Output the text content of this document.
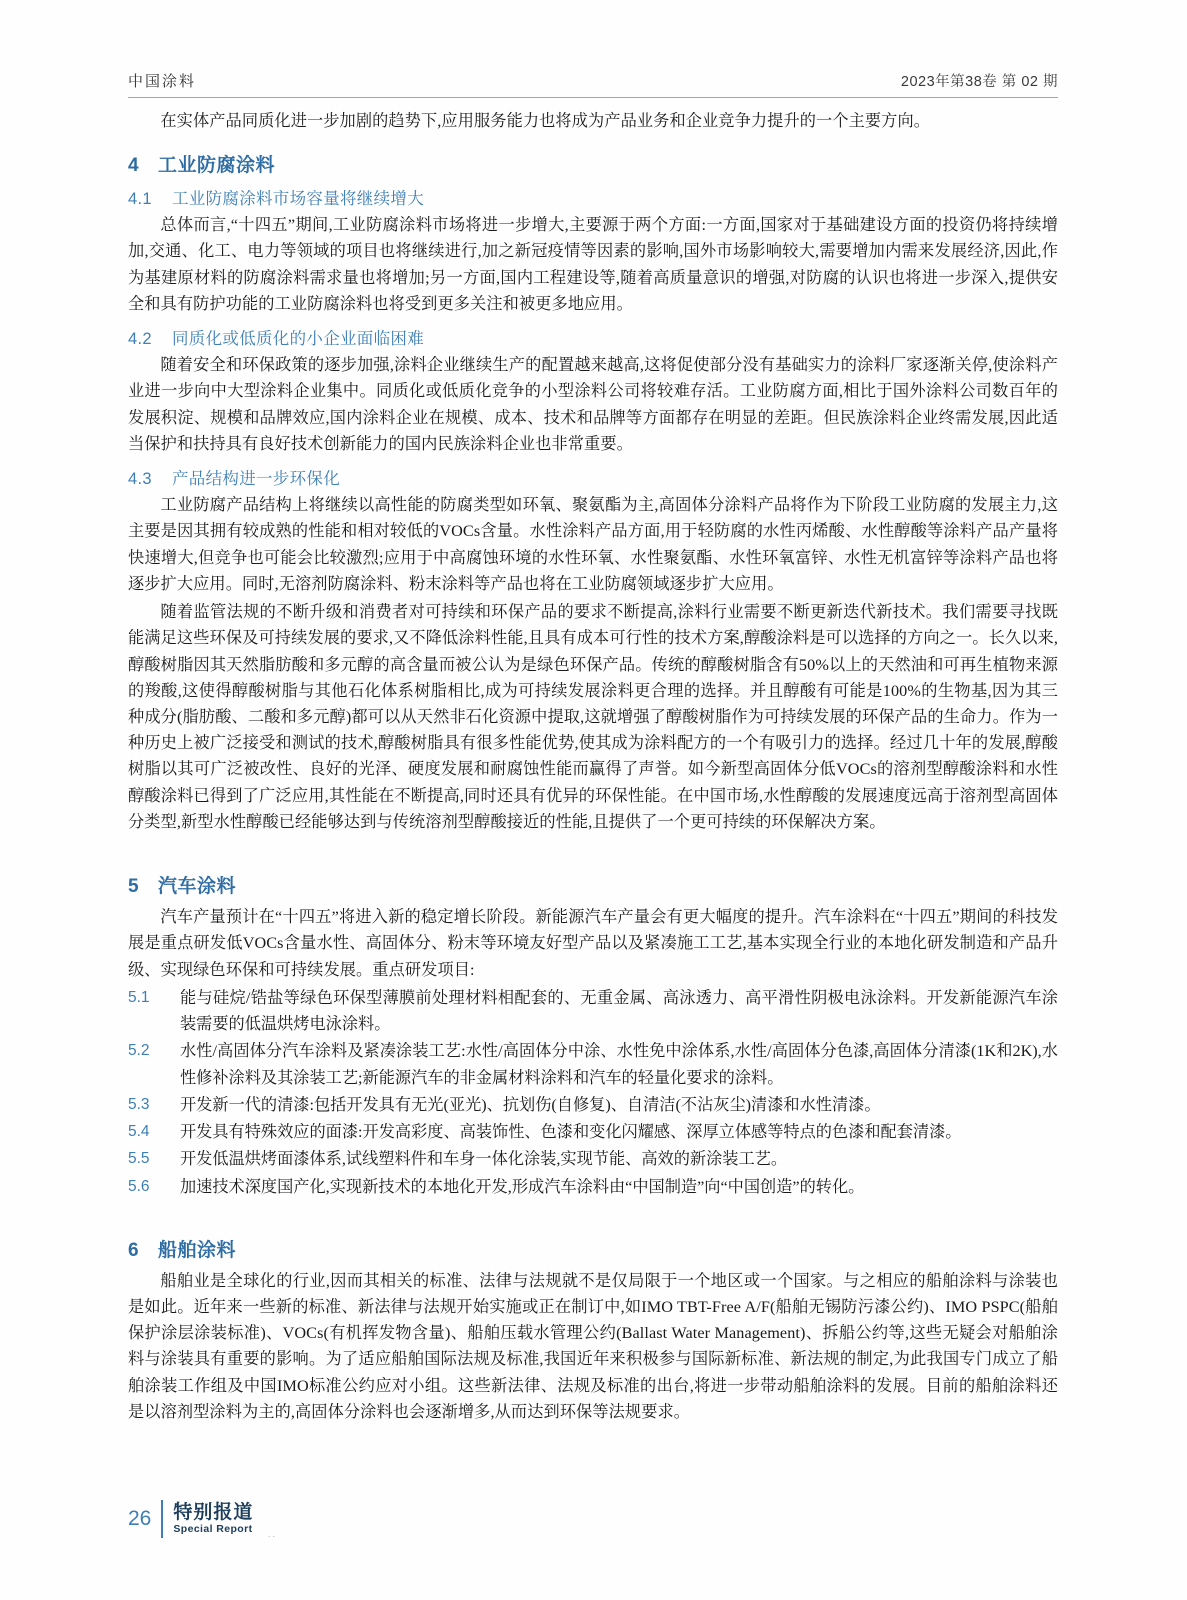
中国涂料	2023年第38卷 第 02 期

在实体产品同质化进一步加剧的趋势下,应用服务能力也将成为产品业务和企业竞争力提升的一个主要方向。

4 工业防腐涂料
4.1 工业防腐涂料市场容量将继续增大

总体而言,“十四五”期间,工业防腐涂料市场将进一步增大,主要源于两个方面:一方面,国家对于基础建设方面的投资仍将持续增加,交通、化工、电力等领域的项目也将继续进行,加之新冠疫情等因素的影响,国外市场影响较大,需要增加内需来发展经济,因此,作为基建原材料的防腐涂料需求量也将增加;另一方面,国内工程建设等,随着高质量意识的增强,对防腐的认识也将进一步深入,提供安全和具有防护功能的工业防腐涂料也将受到更多关注和被更多地应用。

4.2 同质化或低质化的小企业面临困难

随着安全和环保政策的逐步加强,涂料企业继续生产的配置越来越高,这将促使部分没有基础实力的涂料厂家逐渐关停,使涂料产业进一步向中大型涂料企业集中。同质化或低质化竞争的小型涂料公司将较难存活。工业防腐方面,相比于国外涂料公司数百年的发展积淀、规模和品牌效应,国内涂料企业在规模、成本、技术和品牌等方面都存在明显的差距。但民族涂料企业终需发展,因此适当保护和扶持具有良好技术创新能力的国内民族涂料企业也非常重要。

4.3 产品结构进一步环保化

工业防腐产品结构上将继续以高性能的防腐类型如环氧、聚氨酯为主,高固体分涂料产品将作为下阶段工业防腐的发展主力,这主要是因其拥有较成熟的性能和相对较低的VOCs含量。水性涂料产品方面,用于轻防腐的水性丙烯酸、水性醇酸等涂料产品产量将快速增大,但竞争也可能会比较激烈;应用于中高腐蚀环境的水性环氧、水性聚氨酯、水性环氧富锌、水性无机富锌等涂料产品也将逐步扩大应用。同时,无溶剂防腐涂料、粉末涂料等产品也将在工业防腐领域逐步扩大应用。

随着监管法规的不断升级和消费者对可持续和环保产品的要求不断提高,涂料行业需要不断更新迭代新技术。我们需要寻找既能满足这些环保及可持续发展的要求,又不降低涂料性能,且具有成本可行性的技术方案,醇酸涂料是可以选择的方向之一。长久以来,醇酸树脂因其天然脂肪酸和多元醇的高含量而被公认为是绿色环保产品。传统的醇酸树脂含有50%以上的天然油和可再生植物来源的羧酸,这使得醇酸树脂与其他石化体系树脂相比,成为可持续发展涂料更合理的选择。并且醇酸有可能是100%的生物基,因为其三种成分(脂肪酸、二酸和多元醇)都可以从天然非石化资源中提取,这就增强了醇酸树脂作为可持续发展的环保产品的生命力。作为一种历史上被广泛接受和测试的技术,醇酸树脂具有很多性能优势,使其成为涂料配方的一个有吸引力的选择。经过几十年的发展,醇酸树脂以其可广泛被改性、良好的光泽、硬度发展和耐腐蚀性能而赢得了声誉。如今新型高固体分低VOCs的溶剂型醇酸涂料和水性醇酸涂料已得到了广泛应用,其性能在不断提高,同时还具有优异的环保性能。在中国市场,水性醇酸的发展速度远高于溶剂型高固体分类型,新型水性醇酸已经能够达到与传统溶剂型醇酸接近的性能,且提供了一个更可持续的环保解决方案。

5 汽车涂料

汽车产量预计在“十四五”将进入新的稳定增长阶段。新能源汽车产量会有更大幅度的提升。汽车涂料在“十四五”期间的科技发展是重点研发低VOCs含量水性、高固体分、粉末等环境友好型产品以及紧凑施工工艺,基本实现全行业的本地化研发制造和产品升级、实现绿色环保和可持续发展。重点研发项目:

5.1 能与硅烷/锆盐等绿色环保型薄膜前处理材料相配套的、无重金属、高泳透力、高平滑性阴极电泳涂料。开发新能源汽车涂装需要的低温烘烤电泳涂料。
5.2 水性/高固体分汽车涂料及紧凑涂装工艺:水性/高固体分中涂、水性免中涂体系,水性/高固体分色漆,高固体分清漆(1K和2K),水性修补涂料及其涂装工艺;新能源汽车的非金属材料涂料和汽车的轻量化要求的涂料。
5.3 开发新一代的清漆:包括开发具有无光(亚光)、抗划伤(自修复)、自清洁(不沾灰尘)清漆和水性清漆。
5.4 开发具有特殊效应的面漆:开发高彩度、高装饰性、色漆和变化闪耀感、深厚立体感等特点的色漆和配套清漆。
5.5 开发低温烘烤面漆体系,试线塑料件和车身一体化涂装,实现节能、高效的新涂装工艺。
5.6 加速技术深度国产化,实现新技术的本地化开发,形成汽车涂料由“中国制造”向“中国创造”的转化。
6 船舶涂料

船舶业是全球化的行业,因而其相关的标准、法律与法规就不是仅局限于一个地区或一个国家。与之相应的船舶涂料与涂装也是如此。近年来一些新的标准、新法律与法规开始实施或正在制订中,如IMO TBT-Free A/F(船舶无锡防污漆公约)、IMO PSPC(船舶保护涂层涂装标准)、VOCs(有机挥发物含量)、船舶压载水管理公约(Ballast Water Management)、拆船公约等,这些无疑会对船舶涂料与涂装具有重要的影响。为了适应船舶国际法规及标准,我国近年来积极参与国际新标准、新法规的制定,为此我国专门成立了船舶涂装工作组及中国IMO标准公约应对小组。这些新法律、法规及标准的出台,将进一步带动船舶涂料的发展。目前的船舶涂料还是以溶剂型涂料为主的,高固体分涂料也会逐渐增多,从而达到环保等法规要求。

26	特别报道
Special Report ..
